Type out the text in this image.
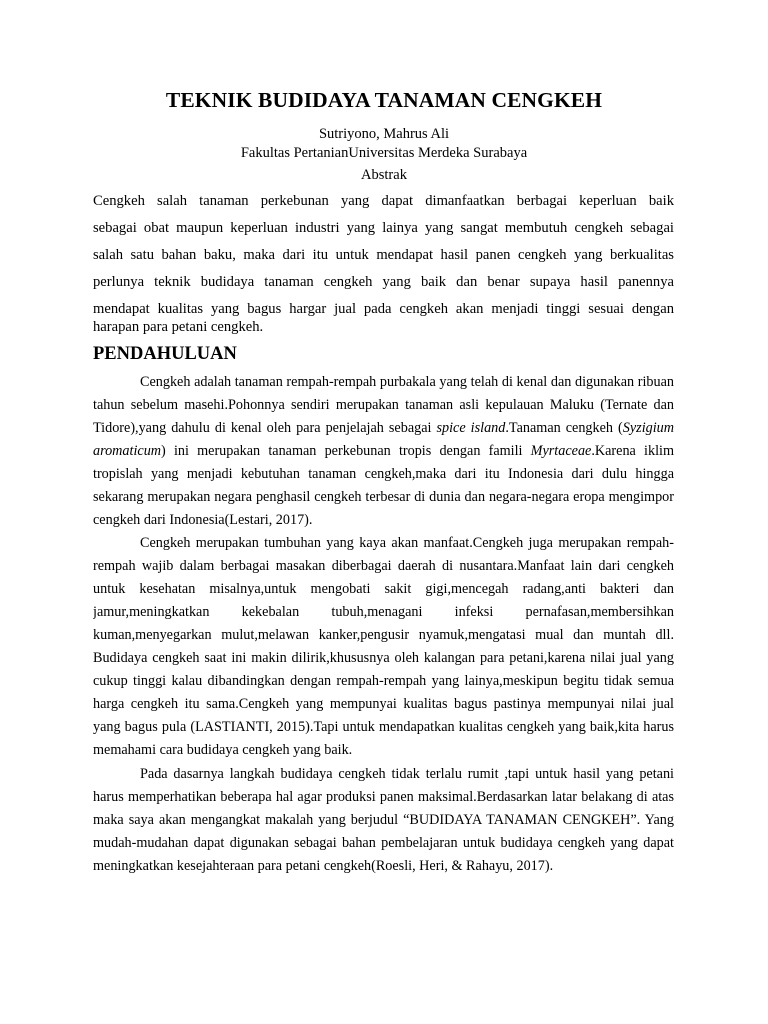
TEKNIK BUDIDAYA TANAMAN CENGKEH
Sutriyono, Mahrus Ali
Fakultas PertanianUniversitas Merdeka Surabaya
Abstrak
Cengkeh salah tanaman perkebunan yang dapat dimanfaatkan berbagai keperluan baik
sebagai obat maupun keperluan industri yang lainya yang sangat membutuh cengkeh sebagai
salah satu bahan baku, maka dari itu untuk mendapat hasil panen cengkeh yang berkualitas
perlunya teknik budidaya tanaman cengkeh yang baik dan benar supaya hasil panennya
mendapat kualitas yang bagus hargar jual pada cengkeh akan menjadi tinggi sesuai dengan
harapan para petani cengkeh.
PENDAHULUAN
Cengkeh adalah tanaman rempah-rempah purbakala yang telah di kenal dan digunakan ribuan
tahun sebelum masehi.Pohonnya sendiri merupakan tanaman asli kepulauan Maluku (Ternate dan
Tidore),yang dahulu di kenal oleh para penjelajah sebagai spice island.Tanaman cengkeh (Syzigium
aromaticum) ini merupakan tanaman perkebunan tropis dengan famili Myrtaceae.Karena iklim
tropislah yang menjadi kebutuhan tanaman cengkeh,maka dari itu Indonesia dari dulu hingga
sekarang merupakan negara penghasil cengkeh terbesar di dunia dan negara-negara eropa mengimpor
cengkeh dari Indonesia(Lestari, 2017).
Cengkeh merupakan tumbuhan yang kaya akan manfaat.Cengkeh juga merupakan rempah-
rempah wajib dalam berbagai masakan diberbagai daerah di nusantara.Manfaat lain dari cengkeh
untuk kesehatan misalnya,untuk mengobati sakit gigi,mencegah radang,anti bakteri dan
jamur,meningkatkan kekebalan tubuh,menagani infeksi pernafasan,membersihkan
kuman,menyegarkan mulut,melawan kanker,pengusir nyamuk,mengatasi mual dan muntah dll.
Budidaya cengkeh saat ini makin dilirik,khususnya oleh kalangan para petani,karena nilai jual yang
cukup tinggi kalau dibandingkan dengan rempah-rempah yang lainya,meskipun begitu tidak semua
harga cengkeh itu sama.Cengkeh yang mempunyai kualitas bagus pastinya mempunyai nilai jual
yang bagus pula (LASTIANTI, 2015).Tapi untuk mendapatkan kualitas cengkeh yang baik,kita harus
memahami cara budidaya cengkeh yang baik.
Pada dasarnya langkah budidaya cengkeh tidak terlalu rumit ,tapi untuk hasil yang petani
harus memperhatikan beberapa hal agar produksi panen maksimal.Berdasarkan latar belakang di atas
maka saya akan mengangkat makalah yang berjudul “BUDIDAYA TANAMAN CENGKEH”. Yang
mudah-mudahan dapat digunakan sebagai bahan pembelajaran untuk budidaya cengkeh yang dapat
meningkatkan kesejahteraan para petani cengkeh(Roesli, Heri, & Rahayu, 2017).
